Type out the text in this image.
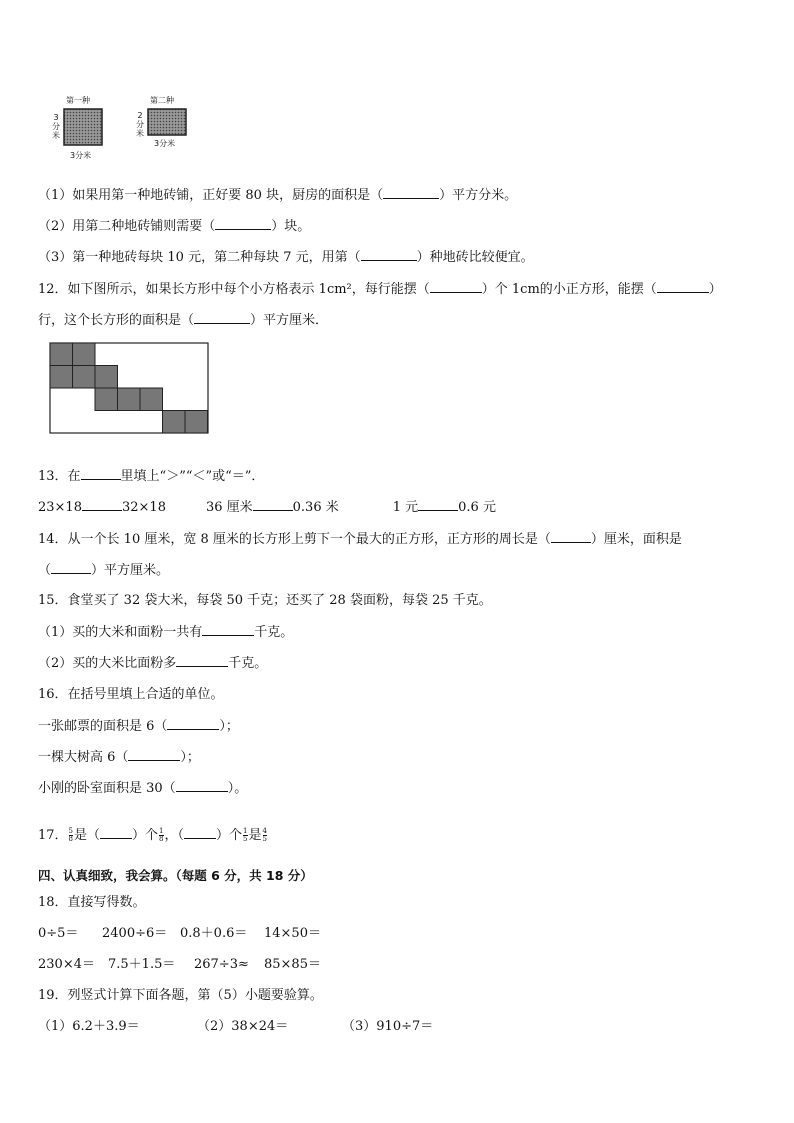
第一种
3
分
米
3分米
第二种
2
分
米
3分米
（1）如果用第一种地砖铺，正好要 80 块，厨房的面积是（	）平方分米。
（2）用第二种地砖铺则需要（	）块。
（3）第一种地砖每块 10 元，第二种每块 7 元，用第（	）种地砖比较便宜。
12．如下图所示，如果长方形中每个小方格表示 1cm²，每行能摆（	）个 1cm的小正方形，能摆（	）
行，这个长方形的面积是（	）平方厘米．
13．在	里填上“＞”“＜”或“＝”．
23×18	32×18	36 厘米	0.36 米	1 元	0.6 元
14．从一个长 10 厘米，宽 8 厘米的长方形上剪下一个最大的正方形，正方形的周长是（	）厘米，面积是
（	）平方厘米。
15．食堂买了 32 袋大米，每袋 50 千克；还买了 28 袋面粉，每袋 25 千克。
（1）买的大米和面粉一共有	千克。
（2）买的大米比面粉多	千克。
16．在括号里填上合适的单位。
一张邮票的面积是 6（	）；
一棵大树高 6（	）；
小刚的卧室面积是 30（	）。
17． $\frac{5}{8}$ 是（ ）个 $\frac{1}{8}$ ，（ ）个 $\frac{1}{5}$ 是 $\frac{4}{5}$
四、认真细致，我会算。（每题 6 分，共 18 分）
18．直接写得数。
0÷5＝ 2400÷6＝ 0.8＋0.6＝ 14×50＝
230×4＝ 7.5＋1.5＝ 267÷3≈ 85×85＝
19．列竖式计算下面各题，第（5）小题要验算。
（1）6.2＋3.9＝	（2）38×24＝	（3）910÷7＝
